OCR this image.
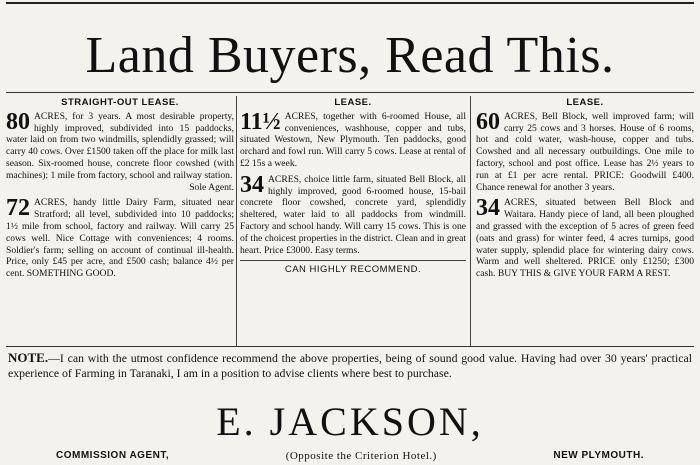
Land Buyers, Read This.
STRAIGHT-OUT LEASE.
80 ACRES, for 3 years. A most desirable property, highly improved, subdivided into 15 paddocks, water laid on from two windmills, splendidly grassed; will carry 40 cows. Over £1500 taken off the place for milk last season. Six-roomed house, concrete floor cowshed (with machines); 1 mile from factory, school and railway station.
Sole Agent.
72 ACRES, handy little Dairy Farm, situated near Stratford; all level, subdivided into 10 paddocks; 1½ mile from school, factory and railway. Will carry 25 cows well. Nice Cottage with conveniences; 4 rooms. Soldier's farm; selling on account of continual ill-health. Price, only £45 per acre, and £500 cash; balance 4½ per cent. SOMETHING GOOD.
LEASE.
11½ ACRES, together with 6-roomed House, all conveniences, washhouse, copper and tubs, situated Westown, New Plymouth. Ten paddocks, good orchard and fowl run. Will carry 5 cows. Lease at rental of £2 15s a week.
34 ACRES, choice little farm, situated Bell Block, all highly improved, good 6-roomed house, 15-bail concrete floor cowshed, concrete yard, splendidly sheltered, water laid to all paddocks from windmill. Factory and school handy. Will carry 15 cows. This is one of the choicest properties in the district. Clean and in great heart. Price £3000. Easy terms.
CAN HIGHLY RECOMMEND.
LEASE.
60 ACRES, Bell Block, well improved farm; will carry 25 cows and 3 horses. House of 6 rooms, hot and cold water, wash-house, copper and tubs. Cowshed and all necessary outbuildings. One mile to factory, school and post office. Lease has 2½ years to run at £1 per acre rental. PRICE: Goodwill £400. Chance renewal for another 3 years.
34 ACRES, situated between Bell Block and Waitara. Handy piece of land, all been ploughed and grassed with the exception of 5 acres of green feed (oats and grass) for winter feed, 4 acres turnips, good water supply, splendid place for wintering dairy cows. Warm and well sheltered. PRICE only £1250; £300 cash. BUY THIS & GIVE YOUR FARM A REST.
NOTE.—I can with the utmost confidence recommend the above properties, being of sound good value. Having had over 30 years' practical experience of Farming in Taranaki, I am in a position to advise clients where best to purchase.
E. JACKSON,
COMMISSION AGENT,	(Opposite the Criterion Hotel.)	NEW PLYMOUTH.
